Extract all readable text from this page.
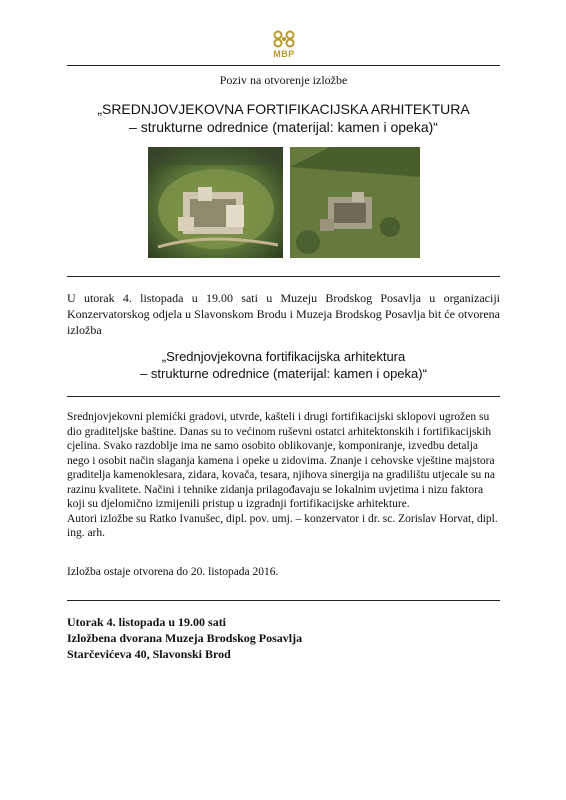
MBP
Poziv na otvorenje izložbe
„SREDNJOVJEKOVNA FORTIFIKACIJSKA ARHITEKTURA
– strukturne odrednice (materijal: kamen i opeka)“
U utorak 4. listopada u 19.00 sati u Muzeju Brodskog Posavlja u organizaciji Konzervatorskog odjela u Slavonskom Brodu i Muzeja Brodskog Posavlja bit će otvorena izložba
„Srednjovjekovna fortifikacijska arhitektura
– strukturne odrednice (materijal: kamen i opeka)“
Srednjovjekovni plemićki gradovi, utvrde, kašteli i drugi fortifikacijski sklopovi ugrožen su dio graditeljske baštine. Danas su to većinom ruševni ostatci arhitektonskih i fortifikacijskih cjelina. Svako razdoblje ima ne samo osobito oblikovanje, komponiranje, izvedbu detalja nego i osobit način slaganja kamena i opeke u zidovima. Znanje i cehovske vještine majstora graditelja kamenoklesara, zidara, kovača, tesara, njihova sinergija na gradilištu utjecale su na razinu kvalitete. Načini i tehnike zidanja prilagođavaju se lokalnim uvjetima i nizu faktora koji su djelomično izmijenili pristup u izgradnji fortifikacijske arhitekture.
Autori izložbe su Ratko Ivanušec, dipl. pov. umj. – konzervator i dr. sc. Zorislav Horvat, dipl. ing. arh.
Izložba ostaje otvorena do 20. listopada 2016.
Utorak 4. listopada u 19.00 sati
Izložbena dvorana Muzeja Brodskog Posavlja
Starčevićeva 40, Slavonski Brod
